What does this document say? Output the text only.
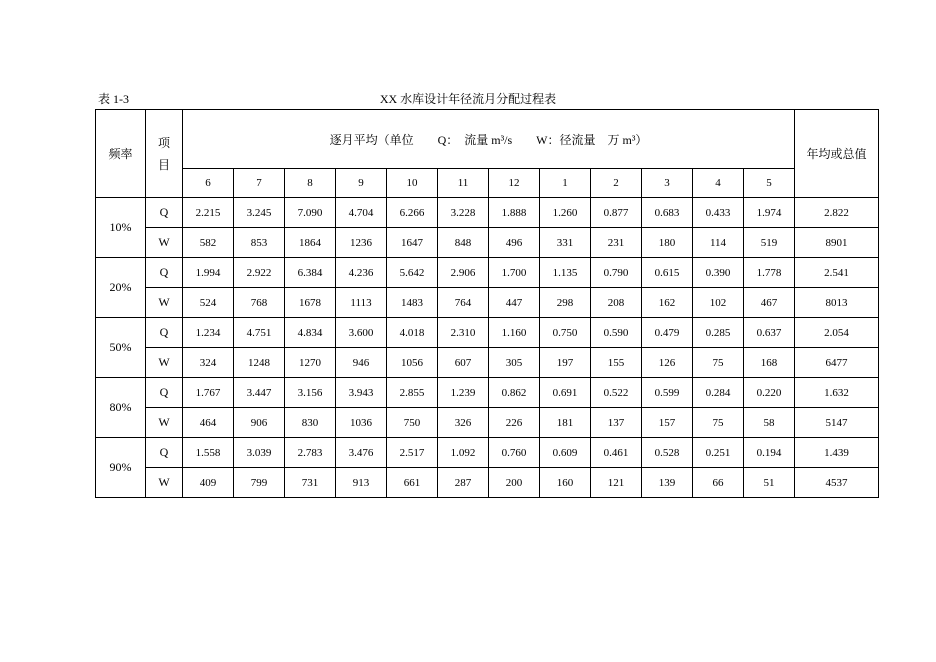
表 1-3	XX 水库设计年径流月分配过程表
频率	项
目	逐月平均（单位　　Q：　流量 m³/s　　W：径流量　万 m³）												年均或总值
		6	7	8	9	10	11	12	1	2	3	4	5	
10%	Q	2.215	3.245	7.090	4.704	6.266	3.228	1.888	1.260	0.877	0.683	0.433	1.974	2.822
	W	582	853	1864	1236	1647	848	496	331	231	180	114	519	8901
20%	Q	1.994	2.922	6.384	4.236	5.642	2.906	1.700	1.135	0.790	0.615	0.390	1.778	2.541
	W	524	768	1678	1113	1483	764	447	298	208	162	102	467	8013
50%	Q	1.234	4.751	4.834	3.600	4.018	2.310	1.160	0.750	0.590	0.479	0.285	0.637	2.054
	W	324	1248	1270	946	1056	607	305	197	155	126	75	168	6477
80%	Q	1.767	3.447	3.156	3.943	2.855	1.239	0.862	0.691	0.522	0.599	0.284	0.220	1.632
	W	464	906	830	1036	750	326	226	181	137	157	75	58	5147
90%	Q	1.558	3.039	2.783	3.476	2.517	1.092	0.760	0.609	0.461	0.528	0.251	0.194	1.439
	W	409	799	731	913	661	287	200	160	121	139	66	51	4537
